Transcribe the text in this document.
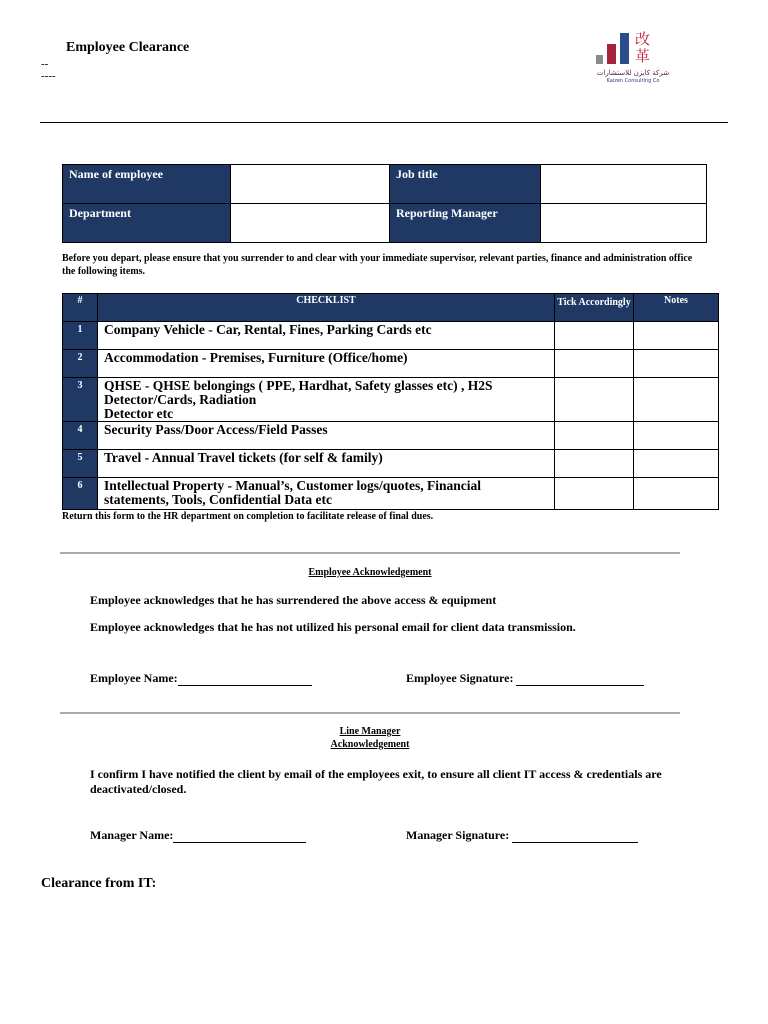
Employee Clearance
--
----
改
革
شركة كايزن للاستشارات
Kaizen Consulting Co
Name of employee		Job title	
Department		Reporting Manager	
Before you depart, please ensure that you surrender to and clear with your immediate supervisor, relevant parties, finance and administration office the following items.
#	CHECKLIST	Tick Accordingly	Notes
1	Company Vehicle - Car, Rental, Fines, Parking Cards etc		
2	Accommodation - Premises, Furniture (Office/home)		
3	QHSE - QHSE belongings ( PPE, Hardhat, Safety glasses etc) , H2S
Detector/Cards, Radiation
Detector etc		

4	Security Pass/Door Access/Field Passes		
5	Travel - Annual Travel tickets (for self & family)		
6	Intellectual Property - Manual’s, Customer logs/quotes, Financial
statements, Tools, Confidential Data etc		

Return this form to the HR department on completion to facilitate release of final dues.
Employee Acknowledgement
Employee acknowledges that he has surrendered the above access & equipment
Employee acknowledges that he has not utilized his personal email for client data transmission.
Employee Name:	Employee Signature:
Line Manager
Acknowledgement
I confirm I have notified the client by email of the employees exit, to ensure all client IT access & credentials are deactivated/closed.
Manager Name:	Manager Signature:
Clearance from IT:
